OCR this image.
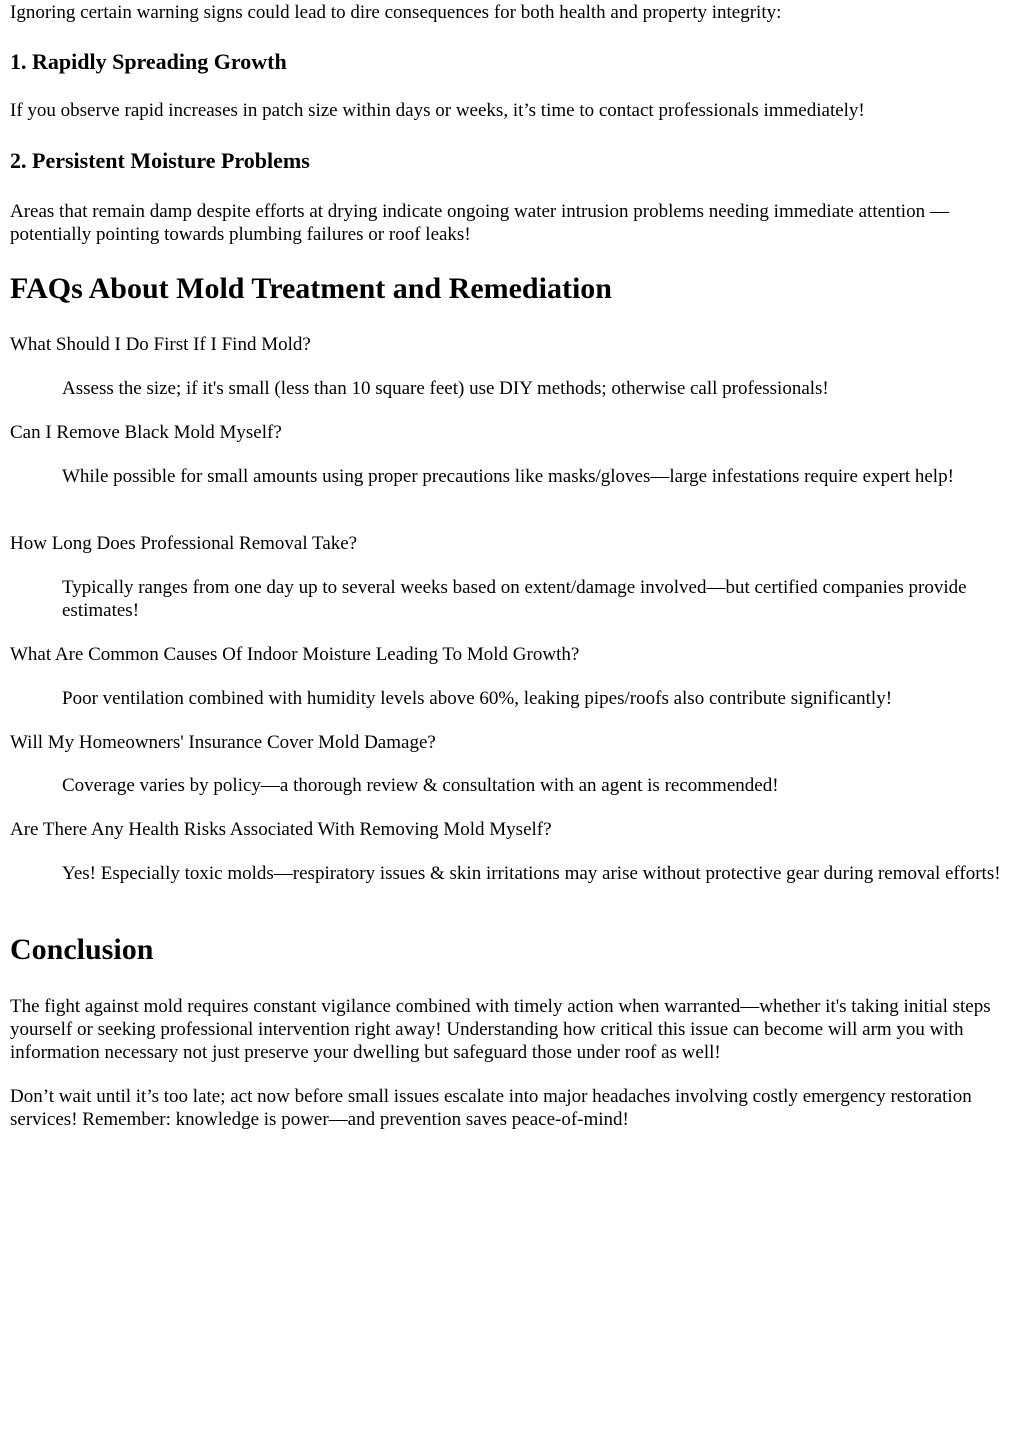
Ignoring certain warning signs could lead to dire consequences for both health and property integrity:

1. Rapidly Spreading Growth

If you observe rapid increases in patch size within days or weeks, it’s time to contact professionals immediately!

2. Persistent Moisture Problems

Areas that remain damp despite efforts at drying indicate ongoing water intrusion problems needing immediate attention —potentially pointing towards plumbing failures or roof leaks!

FAQs About Mold Treatment and Remediation
What Should I Do First If I Find Mold?
Assess the size; if it's small (less than 10 square feet) use DIY methods; otherwise call professionals!
Can I Remove Black Mold Myself?
While possible for small amounts using proper precautions like masks/gloves—large infestations require expert help!
How Long Does Professional Removal Take?
Typically ranges from one day up to several weeks based on extent/damage involved—but certified companies provide estimates!
What Are Common Causes Of Indoor Moisture Leading To Mold Growth?
Poor ventilation combined with humidity levels above 60%, leaking pipes/roofs also contribute significantly!
Will My Homeowners' Insurance Cover Mold Damage?
Coverage varies by policy—a thorough review & consultation with an agent is recommended!
Are There Any Health Risks Associated With Removing Mold Myself?
Yes! Especially toxic molds—respiratory issues & skin irritations may arise without protective gear during removal efforts!
Conclusion

The fight against mold requires constant vigilance combined with timely action when warranted—whether it's taking initial steps yourself or seeking professional intervention right away! Understanding how critical this issue can become will arm you with information necessary not just preserve your dwelling but safeguard those under roof as well!

Don’t wait until it’s too late; act now before small issues escalate into major headaches involving costly emergency restoration services! Remember: knowledge is power—and prevention saves peace-of-mind!
